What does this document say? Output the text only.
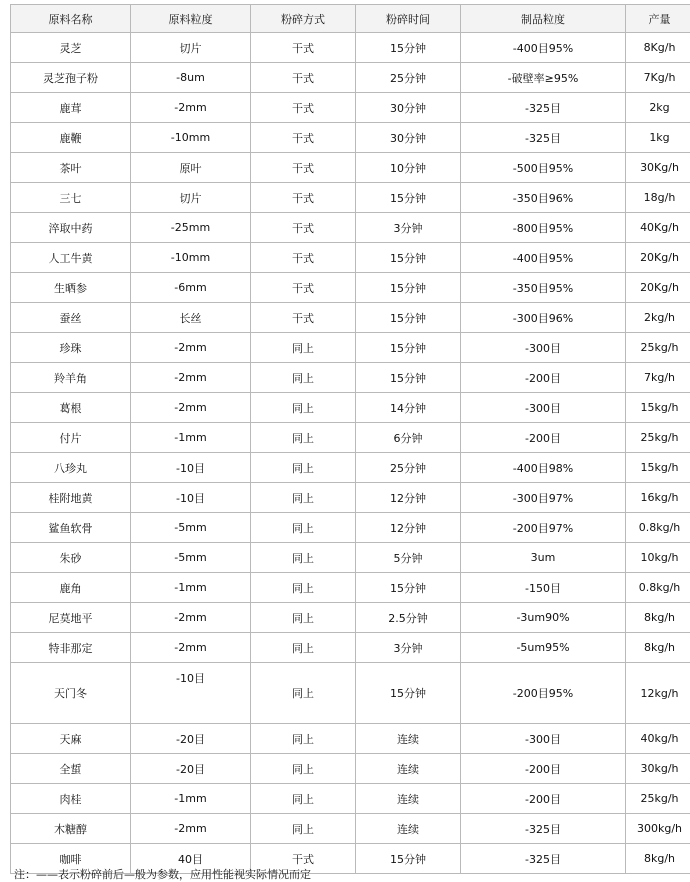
原料名称	原料粒度	粉碎方式	粉碎时间	制品粒度	产量
灵芝	切片	干式	15分钟	-400目95%	8Kg/h
灵芝孢子粉	-8um	干式	25分钟	-破壁率≥95%	7Kg/h
鹿茸	-2mm	干式	30分钟	-325目	2kg
鹿鞭	-10mm	干式	30分钟	-325目	1kg
茶叶	原叶	干式	10分钟	-500目95%	30Kg/h
三七	切片	干式	15分钟	-350目96%	18g/h
淬取中药	-25mm	干式	3分钟	-800目95%	40Kg/h
人工牛黄	-10mm	干式	15分钟	-400目95%	20Kg/h
生晒参	-6mm	干式	15分钟	-350目95%	20Kg/h
蚕丝	长丝	干式	15分钟	-300目96%	2kg/h
珍珠	-2mm	同上	15分钟	-300目	25kg/h
羚羊角	-2mm	同上	15分钟	-200目	7kg/h
葛根	-2mm	同上	14分钟	-300目	15kg/h
付片	-1mm	同上	6分钟	-200目	25kg/h
八珍丸	-10目	同上	25分钟	-400目98%	15kg/h
桂附地黄	-10目	同上	12分钟	-300目97%	16kg/h
鲨鱼软骨	-5mm	同上	12分钟	-200目97%	0.8kg/h
朱砂	-5mm	同上	5分钟	3um	10kg/h
鹿角	-1mm	同上	15分钟	-150目	0.8kg/h
尼莫地平	-2mm	同上	2.5分钟	-3um90%	8kg/h
特非那定	-2mm	同上	3分钟	-5um95%	8kg/h
天门冬	-10目	同上	15分钟	-200目95%	12kg/h
天麻	-20目	同上	连续	-300目	40kg/h
全蜇	-20目	同上	连续	-200目	30kg/h
肉桂	-1mm	同上	连续	-200目	25kg/h
木糖醇	-2mm	同上	连续	-325目	300kg/h
咖啡	40目	干式	15分钟	-325目	8kg/h
注：——表示粉碎前后—般为参数，应用性能视实际情况而定
